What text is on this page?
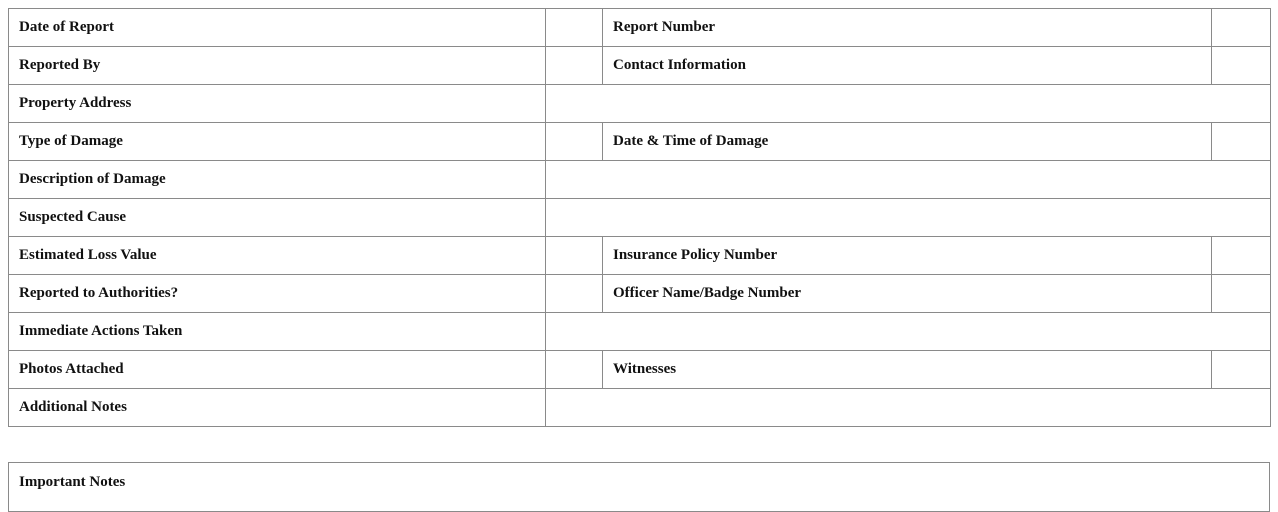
Date of Report		Report Number	
Reported By		Contact Information	
Property Address			
Type of Damage		Date & Time of Damage	
Description of Damage			
Suspected Cause			
Estimated Loss Value		Insurance Policy Number	
Reported to Authorities?		Officer Name/Badge Number	
Immediate Actions Taken			
Photos Attached		Witnesses	
Additional Notes			
Important Notes
